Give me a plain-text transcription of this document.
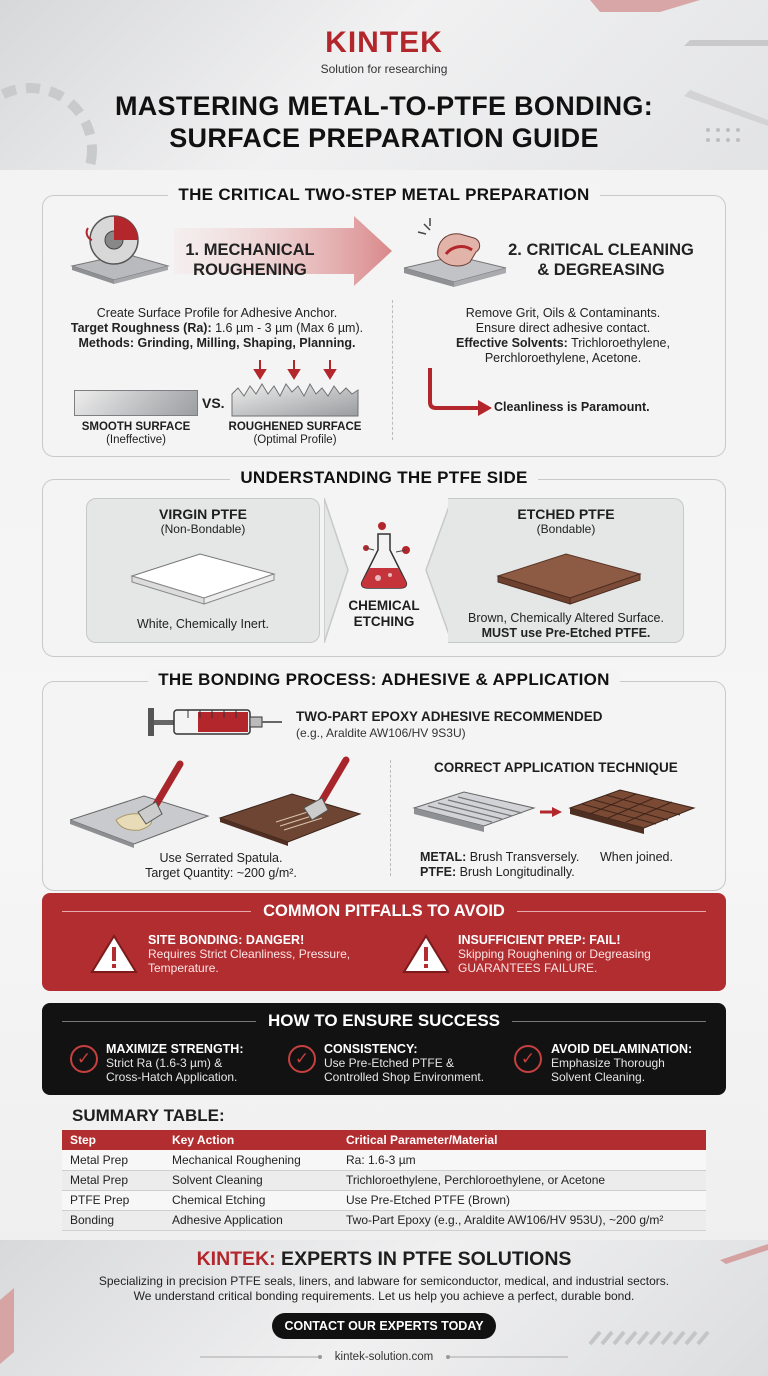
KINTEK
Solution for researching
MASTERING METAL-TO-PTFE BONDING:
SURFACE PREPARATION GUIDE
THE CRITICAL TWO-STEP METAL PREPARATION
1. MECHANICAL
ROUGHENING
Create Surface Profile for Adhesive Anchor.
Target Roughness (Ra): 1.6 µm - 3 µm (Max 6 µm).
Methods: Grinding, Milling, Shaping, Planning.
VS.
SMOOTH SURFACE
(Ineffective)
ROUGHENED SURFACE
(Optimal Profile)
2. CRITICAL CLEANING
& DEGREASING
Remove Grit, Oils & Contaminants.
Ensure direct adhesive contact.
Effective Solvents: Trichloroethylene,
Perchloroethylene, Acetone.
Cleanliness is Paramount.
UNDERSTANDING THE PTFE SIDE
VIRGIN PTFE
(Non-Bondable)
White, Chemically Inert.
CHEMICAL
ETCHING
ETCHED PTFE
(Bondable)
Brown, Chemically Altered Surface.
MUST use Pre-Etched PTFE.
THE BONDING PROCESS: ADHESIVE & APPLICATION
TWO-PART EPOXY ADHESIVE RECOMMENDED
(e.g., Araldite AW106/HV 9S3U)
Use Serrated Spatula.
Target Quantity: ~200 g/m².
CORRECT APPLICATION TECHNIQUE
METAL: Brush Transversely.
PTFE: Brush Longitudinally.
When joined.
COMMON PITFALLS TO AVOID
SITE BONDING: DANGER!
Requires Strict Cleanliness, Pressure,
Temperature.
INSUFFICIENT PREP: FAIL!
Skipping Roughening or Degreasing
GUARANTEES FAILURE.
HOW TO ENSURE SUCCESS
✓	MAXIMIZE STRENGTH:
Strict Ra (1.6-3 µm) &
Cross-Hatch Application.
✓	CONSISTENCY:
Use Pre-Etched PTFE &
Controlled Shop Environment.
✓	AVOID DELAMINATION:
Emphasize Thorough
Solvent Cleaning.
SUMMARY TABLE:
Step	Key Action	Critical Parameter/Material
Metal Prep	Mechanical Roughening	Ra: 1.6-3 µm
Metal Prep	Solvent Cleaning	Trichloroethylene, Perchloroethylene, or Acetone
PTFE Prep	Chemical Etching	Use Pre-Etched PTFE (Brown)
Bonding	Adhesive Application	Two-Part Epoxy (e.g., Araldite AW106/HV 953U), ~200 g/m²
KINTEK: EXPERTS IN PTFE SOLUTIONS
Specializing in precision PTFE seals, liners, and labware for semiconductor, medical, and industrial sectors.
We understand critical bonding requirements. Let us help you achieve a perfect, durable bond.
CONTACT OUR EXPERTS TODAY
kintek-solution.com
